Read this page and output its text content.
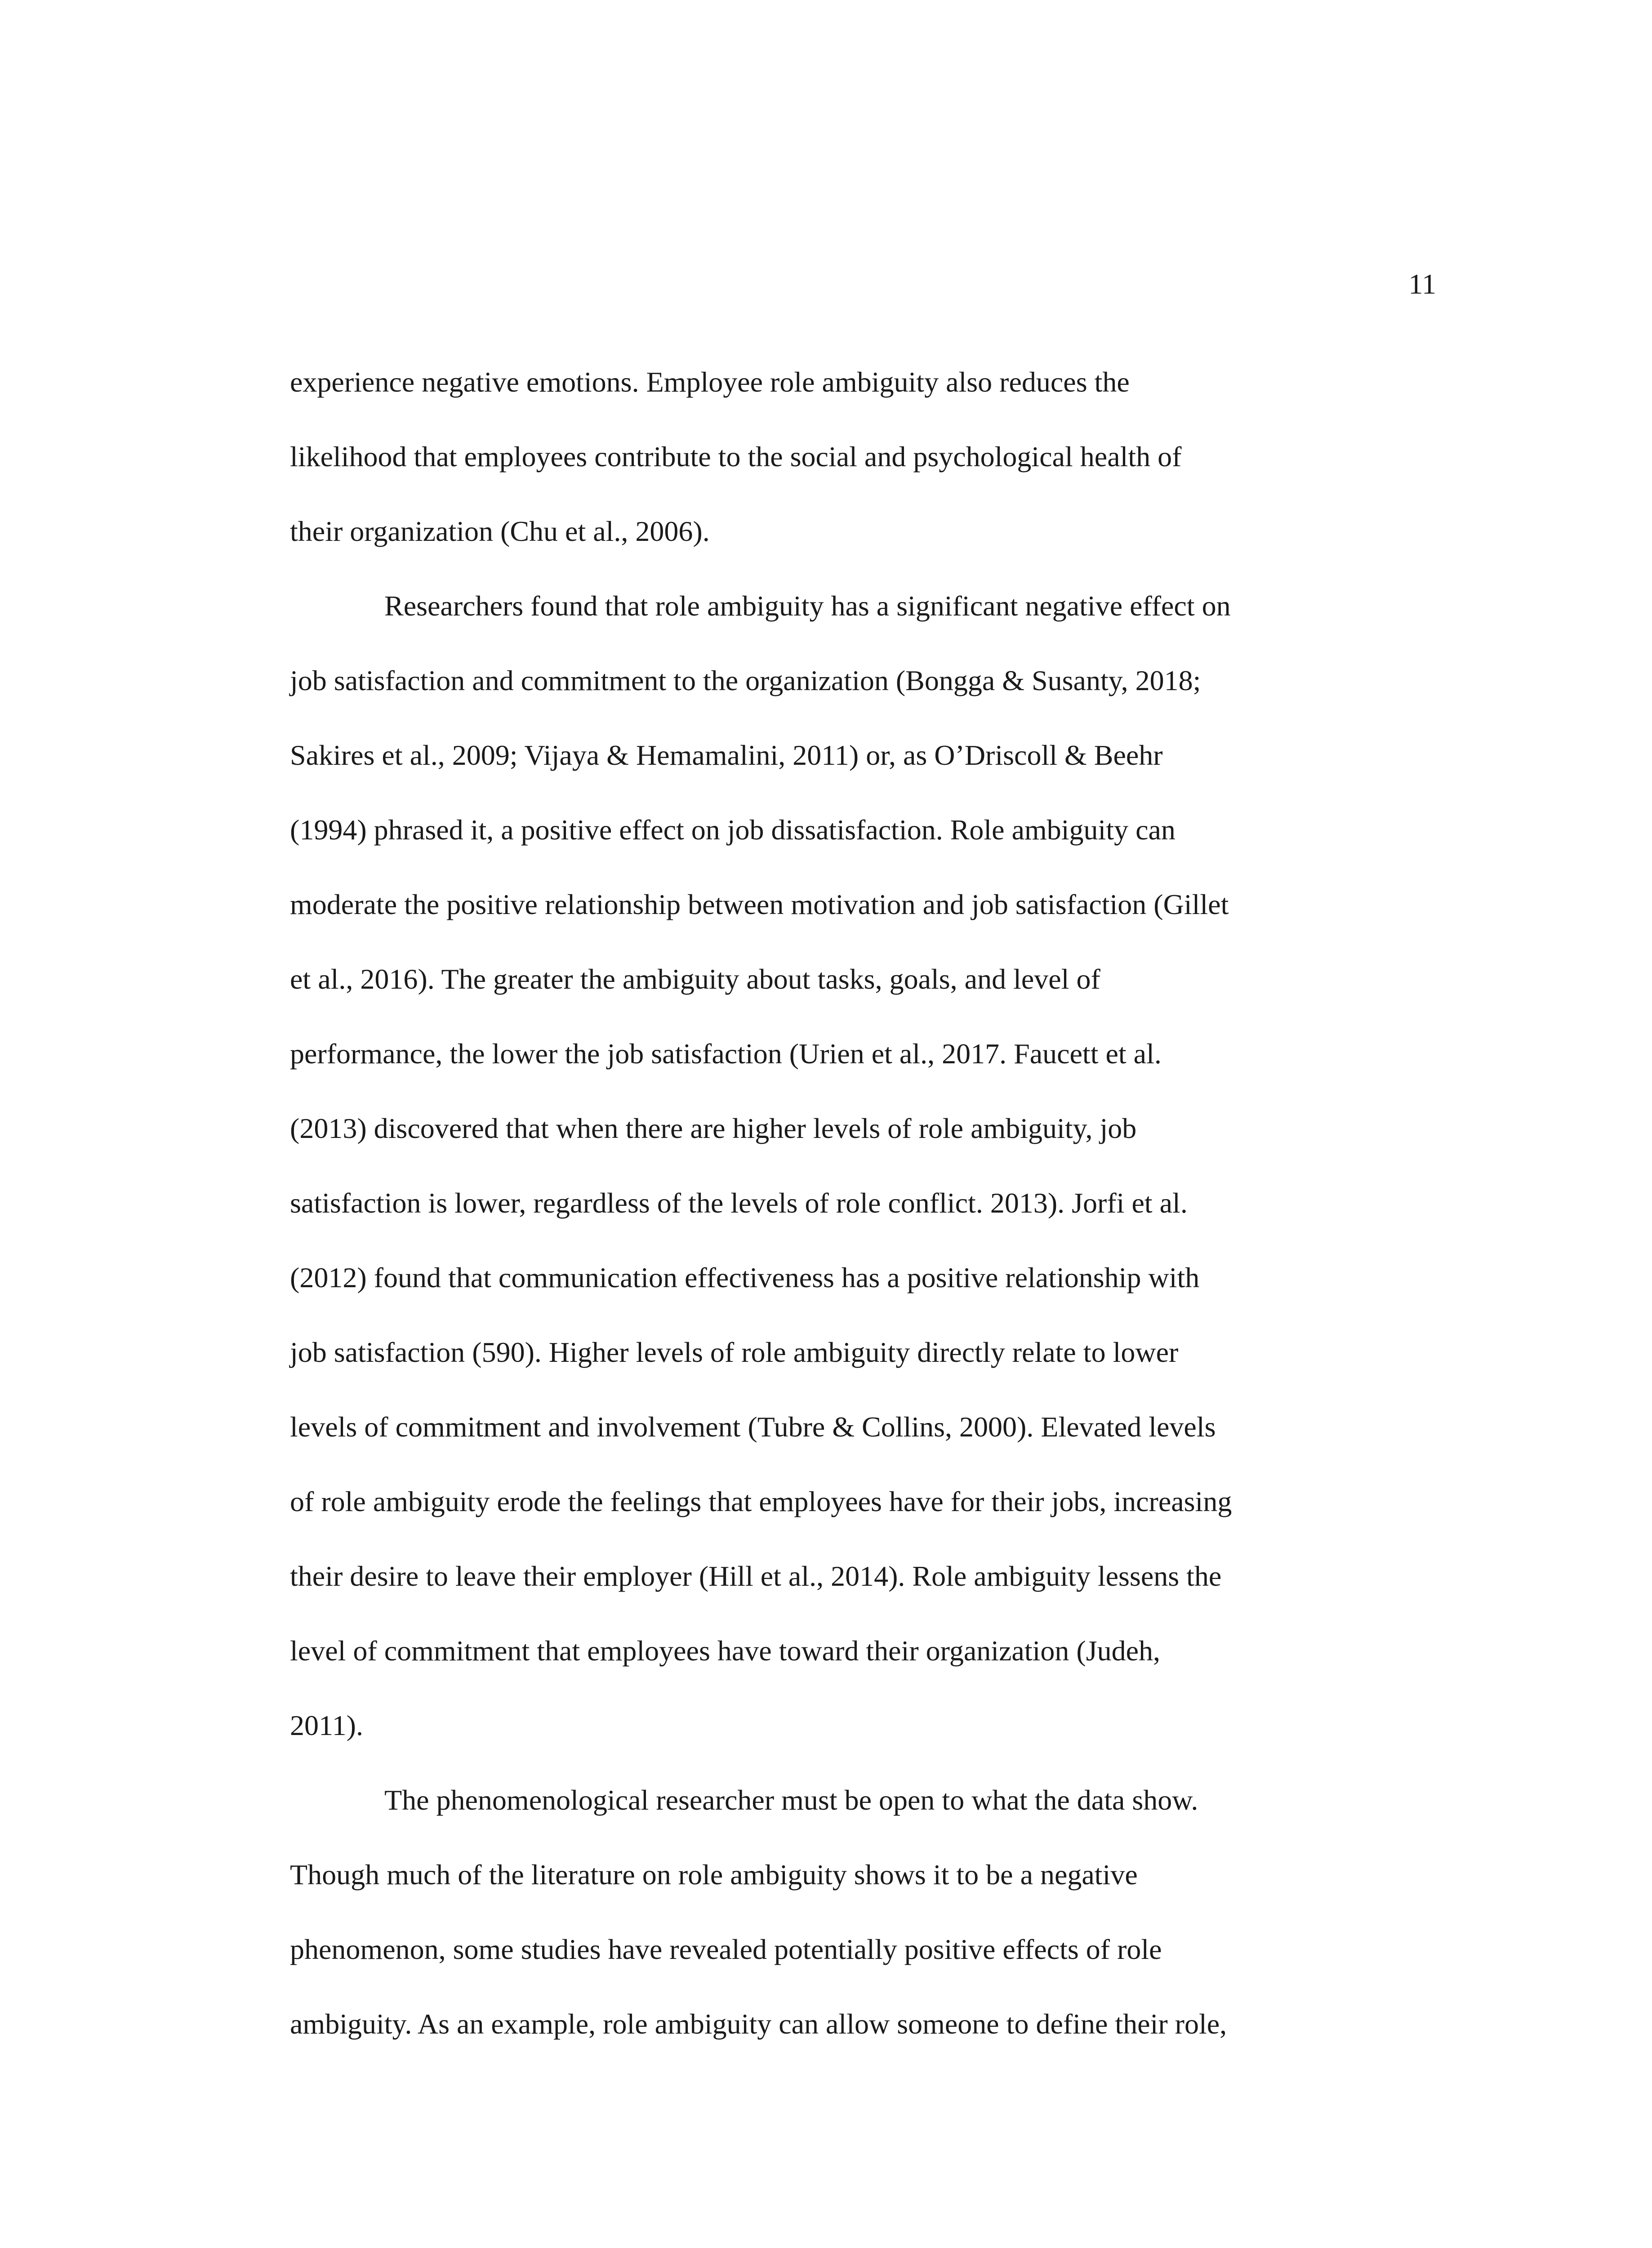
11
experience negative emotions. Employee role ambiguity also reduces the
likelihood that employees contribute to the social and psychological health of
their organization (Chu et al., 2006).
Researchers found that role ambiguity has a significant negative effect on
job satisfaction and commitment to the organization (Bongga & Susanty, 2018;
Sakires et al., 2009; Vijaya & Hemamalini, 2011) or, as O’Driscoll & Beehr
(1994) phrased it, a positive effect on job dissatisfaction. Role ambiguity can
moderate the positive relationship between motivation and job satisfaction (Gillet
et al., 2016). The greater the ambiguity about tasks, goals, and level of
performance, the lower the job satisfaction (Urien et al., 2017. Faucett et al.
(2013) discovered that when there are higher levels of role ambiguity, job
satisfaction is lower, regardless of the levels of role conflict. 2013). Jorfi et al.
(2012) found that communication effectiveness has a positive relationship with
job satisfaction (590). Higher levels of role ambiguity directly relate to lower
levels of commitment and involvement (Tubre & Collins, 2000). Elevated levels
of role ambiguity erode the feelings that employees have for their jobs, increasing
their desire to leave their employer (Hill et al., 2014). Role ambiguity lessens the
level of commitment that employees have toward their organization (Judeh,
2011).
The phenomenological researcher must be open to what the data show.
Though much of the literature on role ambiguity shows it to be a negative
phenomenon, some studies have revealed potentially positive effects of role
ambiguity. As an example, role ambiguity can allow someone to define their role,
